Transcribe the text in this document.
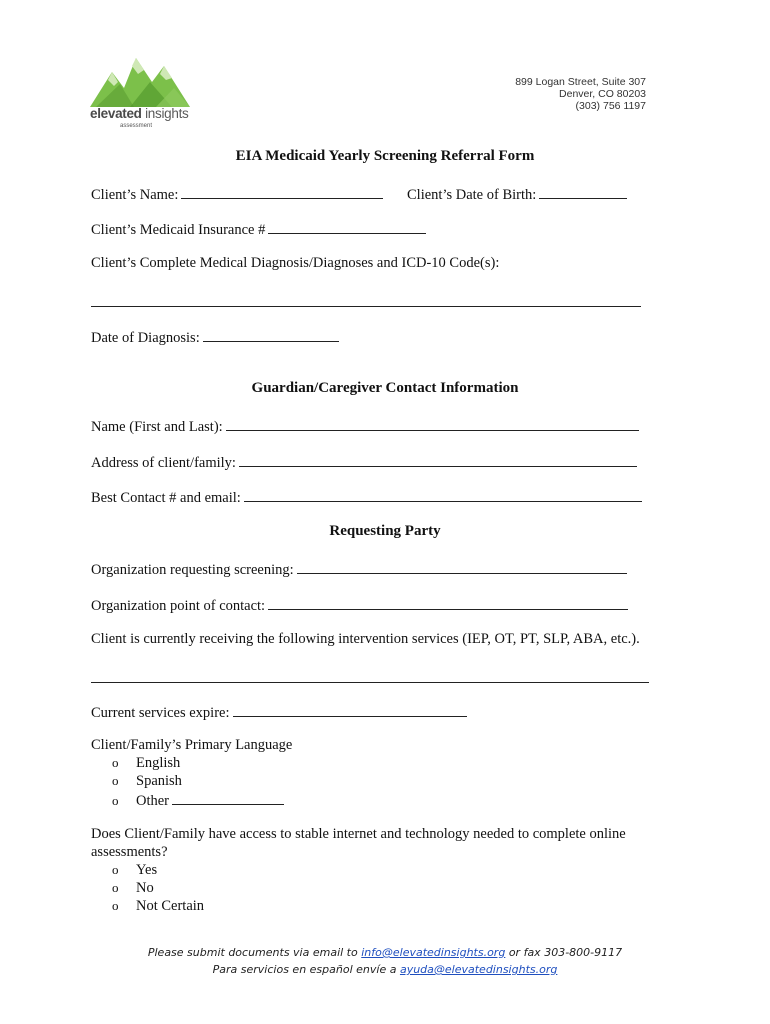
elevated insights
assessment
899 Logan Street, Suite 307
Denver, CO 80203
(303) 756 1197
EIA Medicaid Yearly Screening Referral Form
Client’s Name:	Client’s Date of Birth:
Client’s Medicaid Insurance #
Client’s Complete Medical Diagnosis/Diagnoses and ICD-10 Code(s):
Date of Diagnosis:
Guardian/Caregiver Contact Information
Name (First and Last):
Address of client/family:
Best Contact # and email:
Requesting Party
Organization requesting screening:
Organization point of contact:
Client is currently receiving the following intervention services (IEP, OT, PT, SLP, ABA, etc.).
Current services expire:
Client/Family’s Primary Language
o English
o Spanish
o Other
Does Client/Family have access to stable internet and technology needed to complete online
assessments?
o Yes
o No
o Not Certain
Please submit documents via email to info@elevatedinsights.org or fax 303-800-9117
Para servicios en español envíe a ayuda@elevatedinsights.org
